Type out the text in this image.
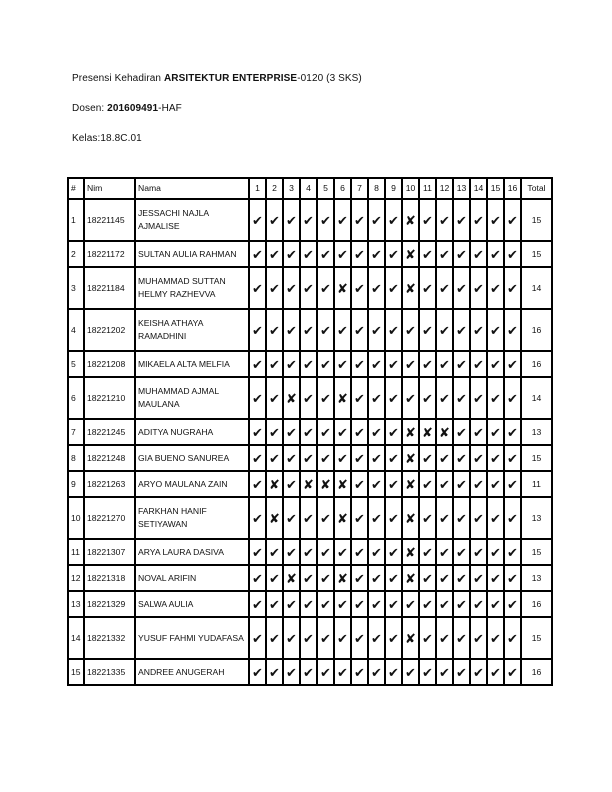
Presensi Kehadiran ARSITEKTUR ENTERPRISE-0120 (3 SKS)
Dosen: 201609491-HAF
Kelas:18.8C.01
#	Nim	Nama	1	2	3	4	5	6	7	8	9	10	11	12	13	14	15	16	Total
1	18221145	JESSACHI NAJLA AJMALISE	✔	✔	✔	✔	✔	✔	✔	✔	✔	✘	✔	✔	✔	✔	✔	✔	15
2	18221172	SULTAN AULIA RAHMAN	✔	✔	✔	✔	✔	✔	✔	✔	✔	✘	✔	✔	✔	✔	✔	✔	15
3	18221184	MUHAMMAD SUTTAN HELMY RAZHEVVA	✔	✔	✔	✔	✔	✘	✔	✔	✔	✘	✔	✔	✔	✔	✔	✔	14
4	18221202	KEISHA ATHAYA RAMADHINI	✔	✔	✔	✔	✔	✔	✔	✔	✔	✔	✔	✔	✔	✔	✔	✔	16
5	18221208	MIKAELA ALTA MELFIA	✔	✔	✔	✔	✔	✔	✔	✔	✔	✔	✔	✔	✔	✔	✔	✔	16
6	18221210	MUHAMMAD AJMAL MAULANA	✔	✔	✘	✔	✔	✘	✔	✔	✔	✔	✔	✔	✔	✔	✔	✔	14
7	18221245	ADITYA NUGRAHA	✔	✔	✔	✔	✔	✔	✔	✔	✔	✘	✘	✘	✔	✔	✔	✔	13
8	18221248	GIA BUENO SANUREA	✔	✔	✔	✔	✔	✔	✔	✔	✔	✘	✔	✔	✔	✔	✔	✔	15
9	18221263	ARYO MAULANA ZAIN	✔	✘	✔	✘	✘	✘	✔	✔	✔	✘	✔	✔	✔	✔	✔	✔	11
10	18221270	FARKHAN HANIF SETIYAWAN	✔	✘	✔	✔	✔	✘	✔	✔	✔	✘	✔	✔	✔	✔	✔	✔	13
11	18221307	ARYA LAURA DASIVA	✔	✔	✔	✔	✔	✔	✔	✔	✔	✘	✔	✔	✔	✔	✔	✔	15
12	18221318	NOVAL ARIFIN	✔	✔	✘	✔	✔	✘	✔	✔	✔	✘	✔	✔	✔	✔	✔	✔	13
13	18221329	SALWA AULIA	✔	✔	✔	✔	✔	✔	✔	✔	✔	✔	✔	✔	✔	✔	✔	✔	16
14	18221332	YUSUF FAHMI YUDAFASA	✔	✔	✔	✔	✔	✔	✔	✔	✔	✘	✔	✔	✔	✔	✔	✔	15
15	18221335	ANDREE ANUGERAH	✔	✔	✔	✔	✔	✔	✔	✔	✔	✔	✔	✔	✔	✔	✔	✔	16
